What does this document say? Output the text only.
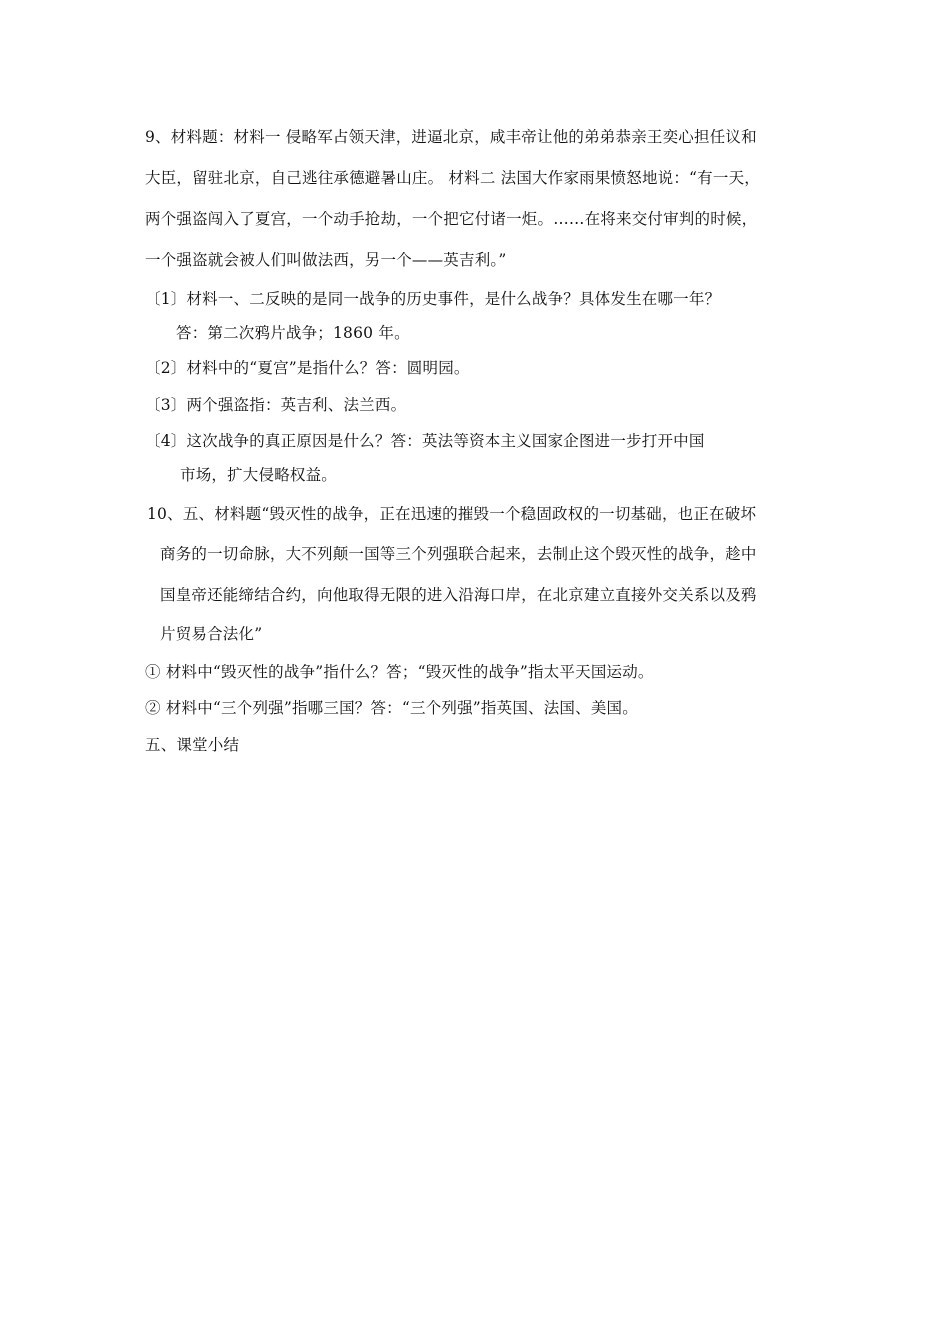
9、材料题：材料一 侵略军占领天津，进逼北京，咸丰帝让他的弟弟恭亲王奕心担任议和
大臣，留驻北京，自己逃往承德避暑山庄。 材料二 法国大作家雨果愤怒地说：“有一天，
两个强盗闯入了夏宫，一个动手抢劫，一个把它付诸一炬。……在将来交付审判的时候，
一个强盗就会被人们叫做法西，另一个——英吉利。”
〔1〕材料一、二反映的是同一战争的历史事件，是什么战争？具体发生在哪一年？
答：第二次鸦片战争；1860 年。
〔2〕材料中的“夏宫”是指什么？答：圆明园。
〔3〕两个强盗指：英吉利、法兰西。
〔4〕这次战争的真正原因是什么？答：英法等资本主义国家企图进一步打开中国
市场，扩大侵略权益。
10、五、材料题“毁灭性的战争，正在迅速的摧毁一个稳固政权的一切基础，也正在破坏
商务的一切命脉，大不列颠一国等三个列强联合起来，去制止这个毁灭性的战争，趁中
国皇帝还能缔结合约，向他取得无限的进入沿海口岸，在北京建立直接外交关系以及鸦
片贸易合法化”
① 材料中“毁灭性的战争”指什么？答；“毁灭性的战争”指太平天国运动。
② 材料中“三个列强”指哪三国？答：“三个列强”指英国、法国、美国。
五、课堂小结
